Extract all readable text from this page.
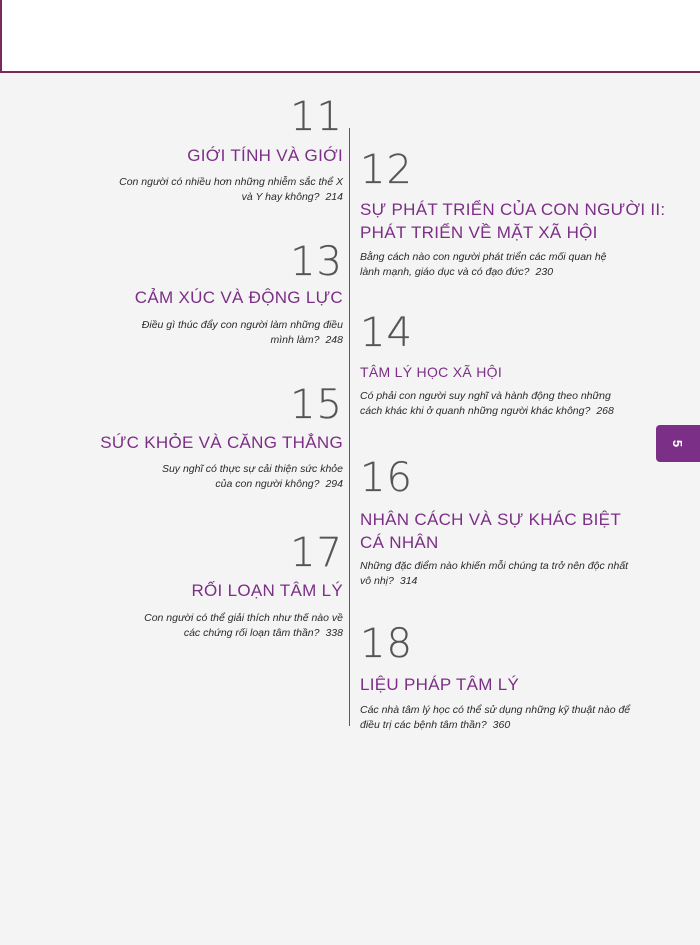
11
GIỚI TÍNH VÀ GIỚI
Con người có nhiều hơn những nhiễm sắc thể X
và Y hay không? 214
12
SỰ PHÁT TRIỂN CỦA CON NGƯỜI II:
PHÁT TRIỂN VỀ MẶT XÃ HỘI
Bằng cách nào con người phát triển các mối quan hệ
lành mạnh, giáo dục và có đạo đức? 230
13
CẢM XÚC VÀ ĐỘNG LỰC
Điều gì thúc đẩy con người làm những điều
mình làm? 248 14
TÂM LÝ HỌC XÃ HỘI
Có phải con người suy nghĩ và hành động theo những
cách khác khi ở quanh những người khác không? 268
15
SỨC KHỎE VÀ CĂNG THẲNG
Suy nghĩ có thực sự cải thiện sức khỏe
của con người không? 294 16
NHÂN CÁCH VÀ SỰ KHÁC BIỆT
CÁ NHÂN
Những đặc điểm nào khiến mỗi chúng ta trở nên độc nhất
vô nhị? 314
17
RỐI LOẠN TÂM LÝ
Con người có thể giải thích như thế nào về
các chứng rối loạn tâm thần? 338 18
LIỆU PHÁP TÂM LÝ
Các nhà tâm lý học có thể sử dụng những kỹ thuật nào để
điều trị các bệnh tâm thần? 360
5
